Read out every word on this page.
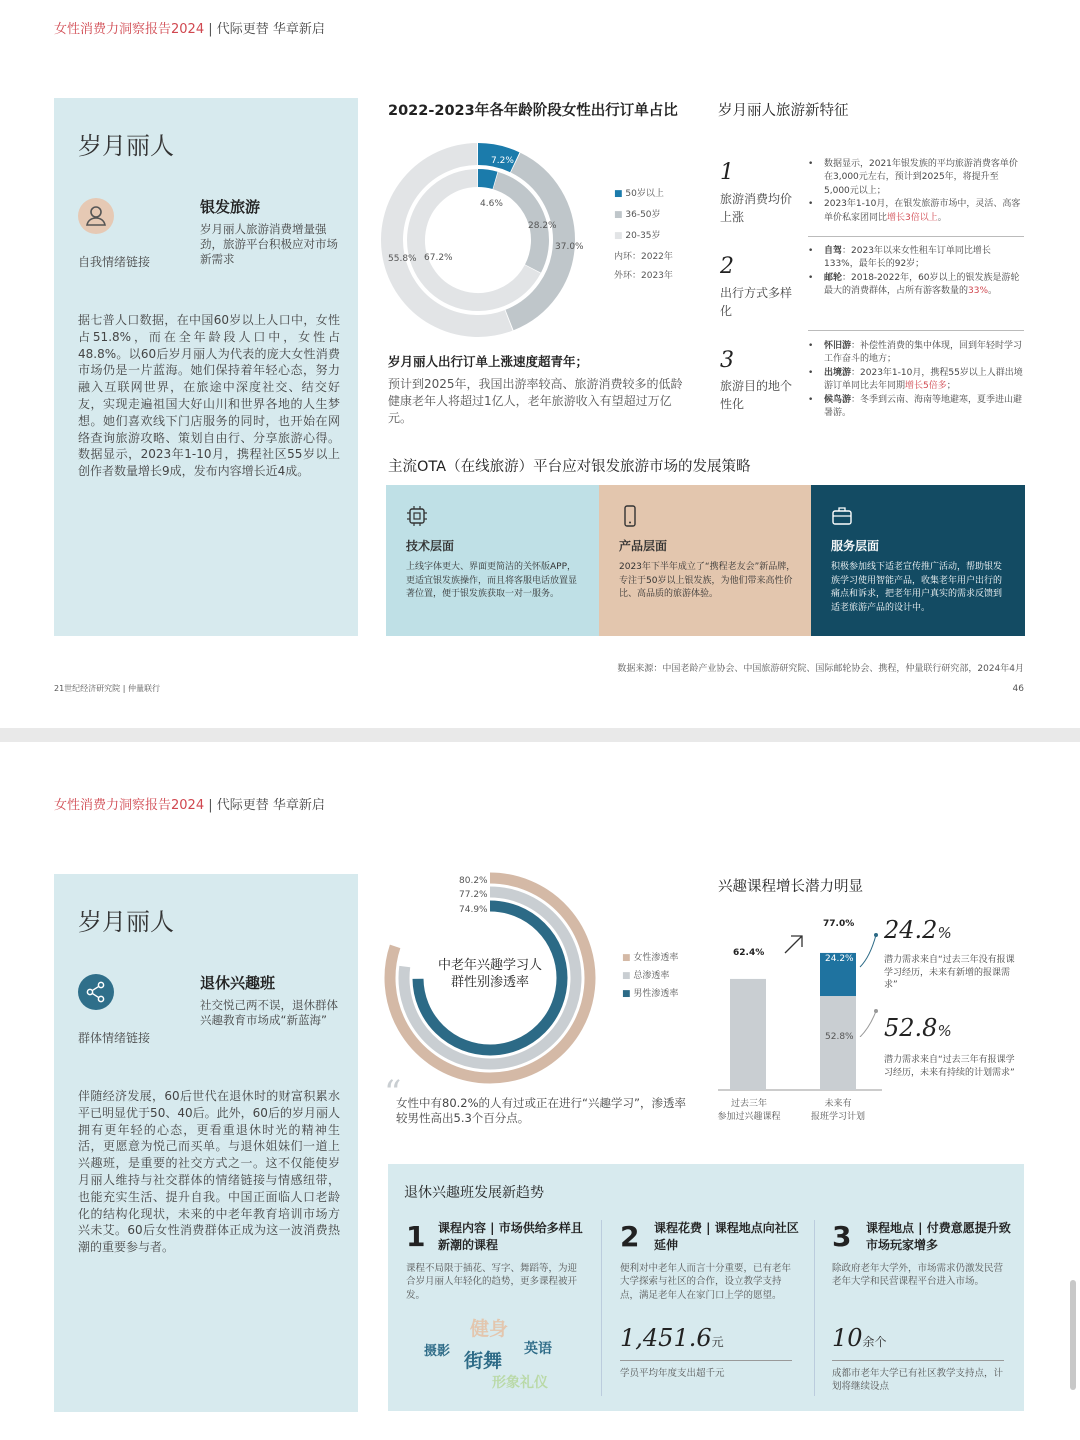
女性消费力洞察报告2024 | 代际更替 华章新启
岁月丽人
自我情绪链接
银发旅游
岁月丽人旅游消费增量强劲，旅游平台积极应对市场新需求
据七普人口数据，在中国60岁以上人口中，女性占51.8%，而在全年龄段人口中，女性占48.8%。以60后岁月丽人为代表的庞大女性消费市场仍是一片蓝海。她们保持着年轻心态，努力融入互联网世界，在旅途中深度社交、结交好友，实现走遍祖国大好山川和世界各地的人生梦想。她们喜欢线下门店服务的同时，也开始在网络查询旅游攻略、策划自由行、分享旅游心得。数据显示，2023年1-10月，携程社区55岁以上创作者数量增长9成，发布内容增长近4成。
2022-2023年各年龄阶段女性出行订单占比
7.2%
4.6%
28.2%
37.0%
55.8% 67.2%
■ 50岁以上
■ 36-50岁
■ 20-35岁
内环：2022年
外环：2023年
岁月丽人出行订单上涨速度超青年；
预计到2025年，我国出游率较高、旅游消费较多的低龄健康老年人将超过1亿人，老年旅游收入有望超过万亿元。
岁月丽人旅游新特征
1
旅游消费均价上涨
• 数据显示，2021年银发族的平均旅游消费客单价在3,000元左右，预计到2025年，将提升至5,000元以上；
• 2023年1-10月，在银发旅游市场中，灵活、高客单价私家团同比增长3倍以上。
2
出行方式多样化
• 自驾：2023年以来女性租车订单同比增长133%，最年长的92岁；
• 邮轮：2018-2022年，60岁以上的银发族是游轮最大的消费群体，占所有游客数量的33%。
3
旅游目的地个性化
• 怀旧游：补偿性消费的集中体现，回到年轻时学习工作奋斗的地方；
• 出境游：2023年1-10月，携程55岁以上人群出境游订单同比去年同期增长5倍多；
• 候鸟游：冬季到云南、海南等地避寒，夏季进山避暑游。
主流OTA（在线旅游）平台应对银发旅游市场的发展策略
技术层面
上线字体更大、界面更简洁的关怀版APP，更适宜银发族操作，而且将客服电话放置显著位置，便于银发族获取一对一服务。
产品层面
2023年下半年成立了“携程老友会”新品牌，专注于50岁以上银发族，为他们带来高性价比、高品质的旅游体验。
服务层面
积极参加线下适老宣传推广活动，帮助银发族学习使用智能产品，收集老年用户出行的痛点和诉求，把老年用户真实的需求反馈到适老旅游产品的设计中。
数据来源：中国老龄产业协会、中国旅游研究院、国际邮轮协会、携程，仲量联行研究部，2024年4月
21世纪经济研究院 | 仲量联行	46
女性消费力洞察报告2024 | 代际更替 华章新启
岁月丽人
群体情绪链接
退休兴趣班
社交悦己两不误，退休群体兴趣教育市场成“新蓝海”
伴随经济发展，60后世代在退休时的财富积累水平已明显优于50、40后。此外，60后的岁月丽人拥有更年轻的心态，更看重退休时光的精神生活，更愿意为悦己而买单。与退休姐妹们一道上兴趣班，是重要的社交方式之一。这不仅能使岁月丽人维持与社交群体的情绪链接与情感纽带，也能充实生活、提升自我。中国正面临人口老龄化的结构化现状，未来的中老年教育培训市场方兴未艾。60后女性消费群体正成为这一波消费热潮的重要参与者。
80.2%
77.2%
74.9%
中老年兴趣学习人群性别渗透率
■ 女性渗透率
■ 总渗透率
■ 男性渗透率
“
女性中有80.2%的人有过或正在进行“兴趣学习”，渗透率较男性高出5.3个百分点。
兴趣课程增长潜力明显
62.4%
77.0%
24.2%
52.8%
过去三年
参加过兴趣课程
未来有
报班学习计划
24.2%
潜力需求来自“过去三年没有报课学习经历，未来有新增的报课需求”
52.8%
潜力需求来自“过去三年有报课学习经历，未来有持续的计划需求”
退休兴趣班发展新趋势
1 课程内容 | 市场供给多样且新潮的课程
课程不局限于插花、写字、舞蹈等，为迎合岁月丽人年轻化的趋势，更多课程被开发。
健身
摄影 街舞
英语
形象礼仪
2 课程花费 | 课程地点向社区延伸
便利对中老年人而言十分重要，已有老年大学探索与社区的合作，设立教学支持点，满足老年人在家门口上学的愿望。
1,451.6元
学员平均年度支出超千元
3 课程地点 | 付费意愿提升致市场玩家增多
除政府老年大学外，市场需求仍激发民营老年大学和民营课程平台进入市场。
10余个
成都市老年大学已有社区教学支持点，计划将继续设点
